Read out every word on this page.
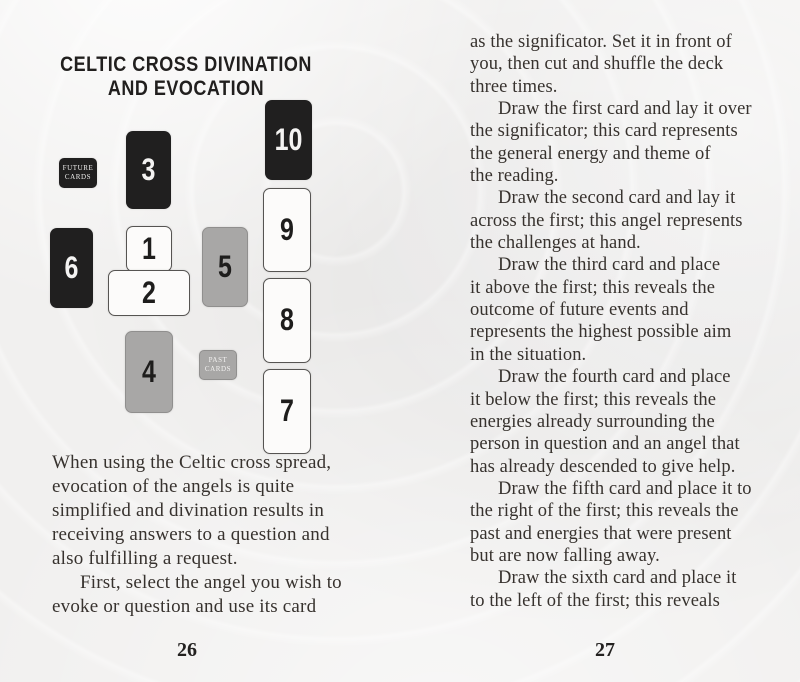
CELTIC CROSS DIVINATION
AND EVOCATION
FUTURE
CARDS 3
10
9
6
1
5
2
8
4	PAST
CARDS
7
When using the Celtic cross spread,
evocation of the angels is quite
simplified and divination results in
receiving answers to a question and
also fulfilling a request.
First, select the angel you wish to
evoke or question and use its card
as the significator. Set it in front of
you, then cut and shuffle the deck
three times.
Draw the first card and lay it over
the significator; this card represents
the general energy and theme of
the reading.
Draw the second card and lay it
across the first; this angel represents
the challenges at hand.
Draw the third card and place
it above the first; this reveals the
outcome of future events and
represents the highest possible aim
in the situation.
Draw the fourth card and place
it below the first; this reveals the
energies already surrounding the
person in question and an angel that
has already descended to give help.
Draw the fifth card and place it to
the right of the first; this reveals the
past and energies that were present
but are now falling away.
Draw the sixth card and place it
to the left of the first; this reveals
26	27
